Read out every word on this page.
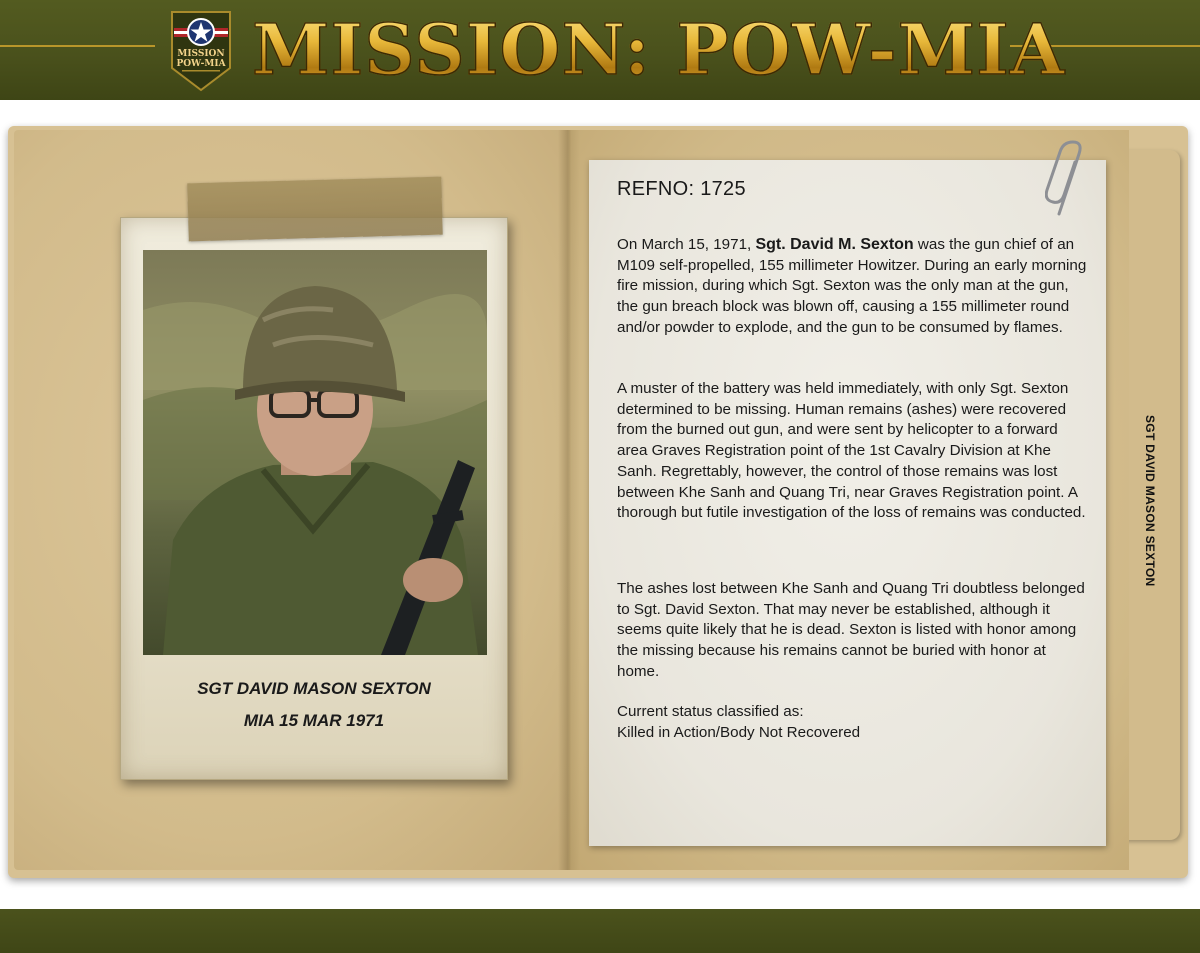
MISSION
POW-MIA MISSION: POW-MIA
SGT DAVID MASON SEXTON
SGT DAVID MASON SEXTON
MIA 15 MAR 1971
REFNO: 1725
On March 15, 1971, Sgt. David M. Sexton was the gun chief of an M109 self-propelled, 155 millimeter Howitzer. During an early morning fire mission, during which Sgt. Sexton was the only man at the gun, the gun breach block was blown off, causing a 155 millimeter round and/or powder to explode, and the gun to be consumed by flames.
A muster of the battery was held immediately, with only Sgt. Sexton determined to be missing. Human remains (ashes) were recovered from the burned out gun, and were sent by helicopter to a forward area Graves Registration point of the 1st Cavalry Division at Khe Sanh. Regrettably, however, the control of those remains was lost between Khe Sanh and Quang Tri, near Graves Registration point. A thorough but futile investigation of the loss of remains was conducted.
The ashes lost between Khe Sanh and Quang Tri doubtless belonged to Sgt. David Sexton. That may never be established, although it seems quite likely that he is dead. Sexton is listed with honor among the missing because his remains cannot be buried with honor at home.
Current status classified as:
Killed in Action/Body Not Recovered
